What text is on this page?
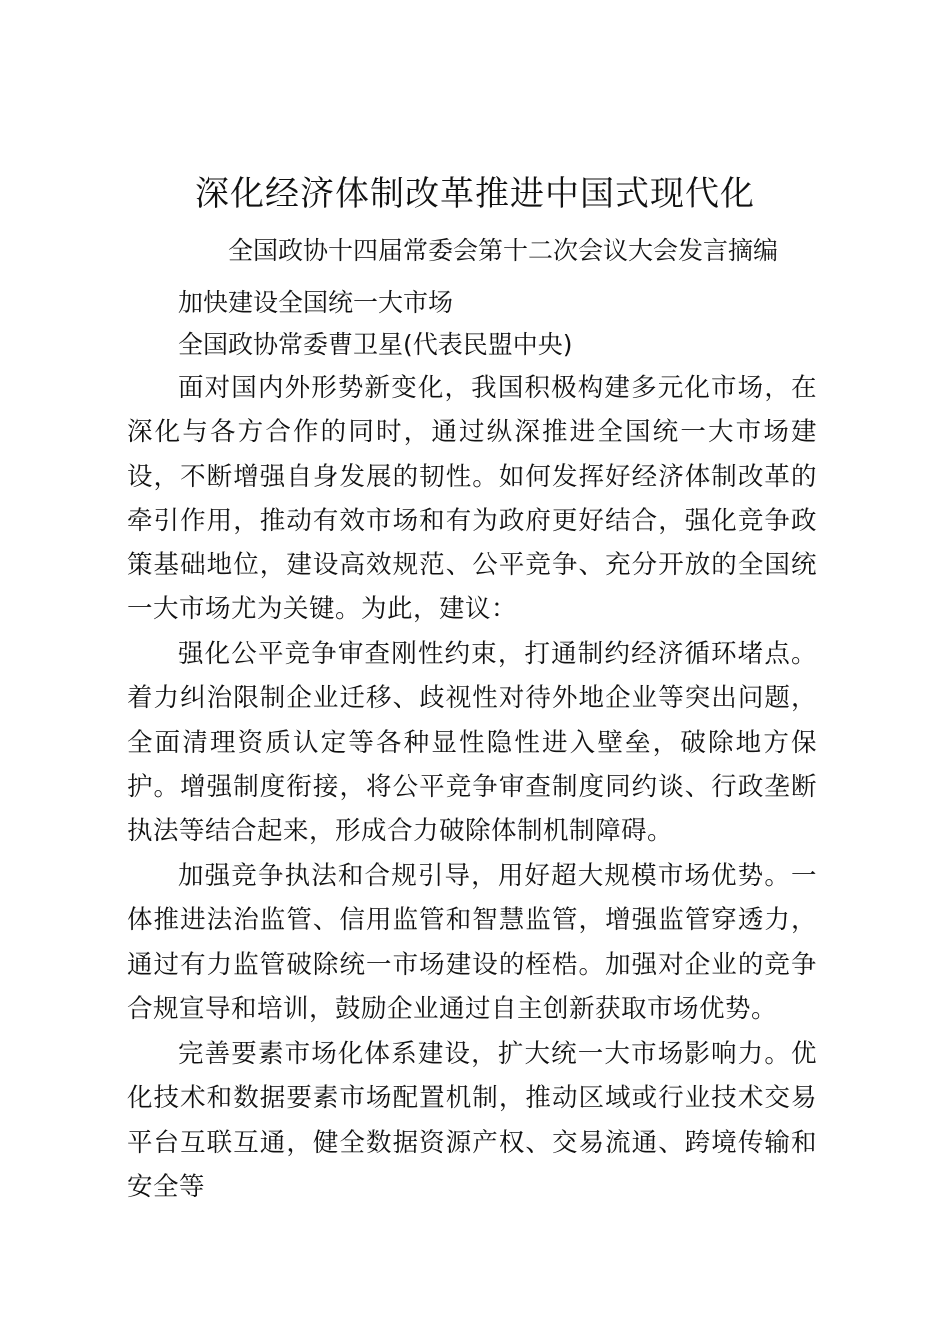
深化经济体制改革推进中国式现代化

全国政协十四届常委会第十二次会议大会发言摘编

加快建设全国统一大市场

全国政协常委曹卫星(代表民盟中央)

面对国内外形势新变化，我国积极构建多元化市场，在深化与各方合作的同时，通过纵深推进全国统一大市场建设，不断增强自身发展的韧性。如何发挥好经济体制改革的牵引作用，推动有效市场和有为政府更好结合，强化竞争政策基础地位，建设高效规范、公平竞争、充分开放的全国统一大市场尤为关键。为此，建议：

强化公平竞争审查刚性约束，打通制约经济循环堵点。着力纠治限制企业迁移、歧视性对待外地企业等突出问题，全面清理资质认定等各种显性隐性进入壁垒，破除地方保护。增强制度衔接，将公平竞争审查制度同约谈、行政垄断执法等结合起来，形成合力破除体制机制障碍。

加强竞争执法和合规引导，用好超大规模市场优势。一体推进法治监管、信用监管和智慧监管，增强监管穿透力，通过有力监管破除统一市场建设的桎梏。加强对企业的竞争合规宣导和培训，鼓励企业通过自主创新获取市场优势。

完善要素市场化体系建设，扩大统一大市场影响力。优化技术和数据要素市场配置机制，推动区域或行业技术交易平台互联互通，健全数据资源产权、交易流通、跨境传输和安全等
